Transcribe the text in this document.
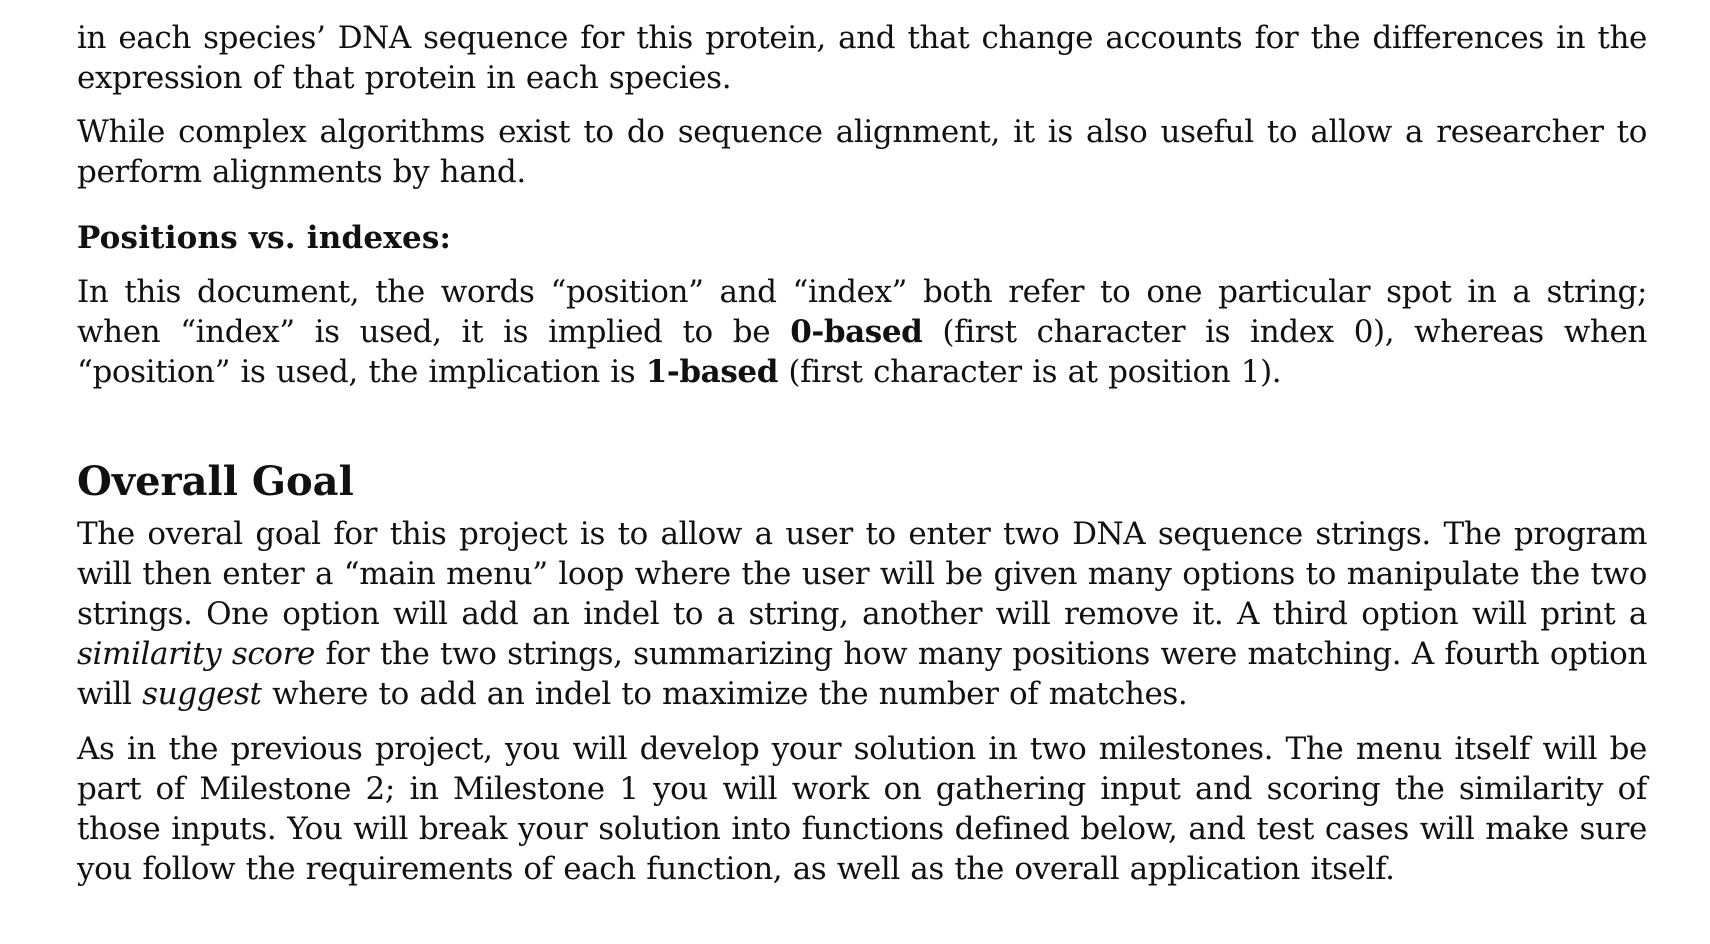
in each species’ DNA sequence for this protein, and that change accounts for the differences in the expression of that protein in each species.

While complex algorithms exist to do sequence alignment, it is also useful to allow a researcher to perform alignments by hand.

Positions vs. indexes:

In this document, the words “position” and “index” both refer to one particular spot in a string; when “index” is used, it is implied to be 0-based (first character is index 0), whereas when “position” is used, the implication is 1-based (first character is at position 1).

Overall Goal

The overal goal for this project is to allow a user to enter two DNA sequence strings. The program will then enter a “main menu” loop where the user will be given many options to manipulate the two strings. One option will add an indel to a string, another will remove it. A third option will print a similarity score for the two strings, summarizing how many positions were matching. A fourth option will suggest where to add an indel to maximize the number of matches.

As in the previous project, you will develop your solution in two milestones. The menu itself will be part of Milestone 2; in Milestone 1 you will work on gathering input and scoring the similarity of those inputs. You will break your solution into functions defined below, and test cases will make sure you follow the requirements of each function, as well as the overall application itself.
